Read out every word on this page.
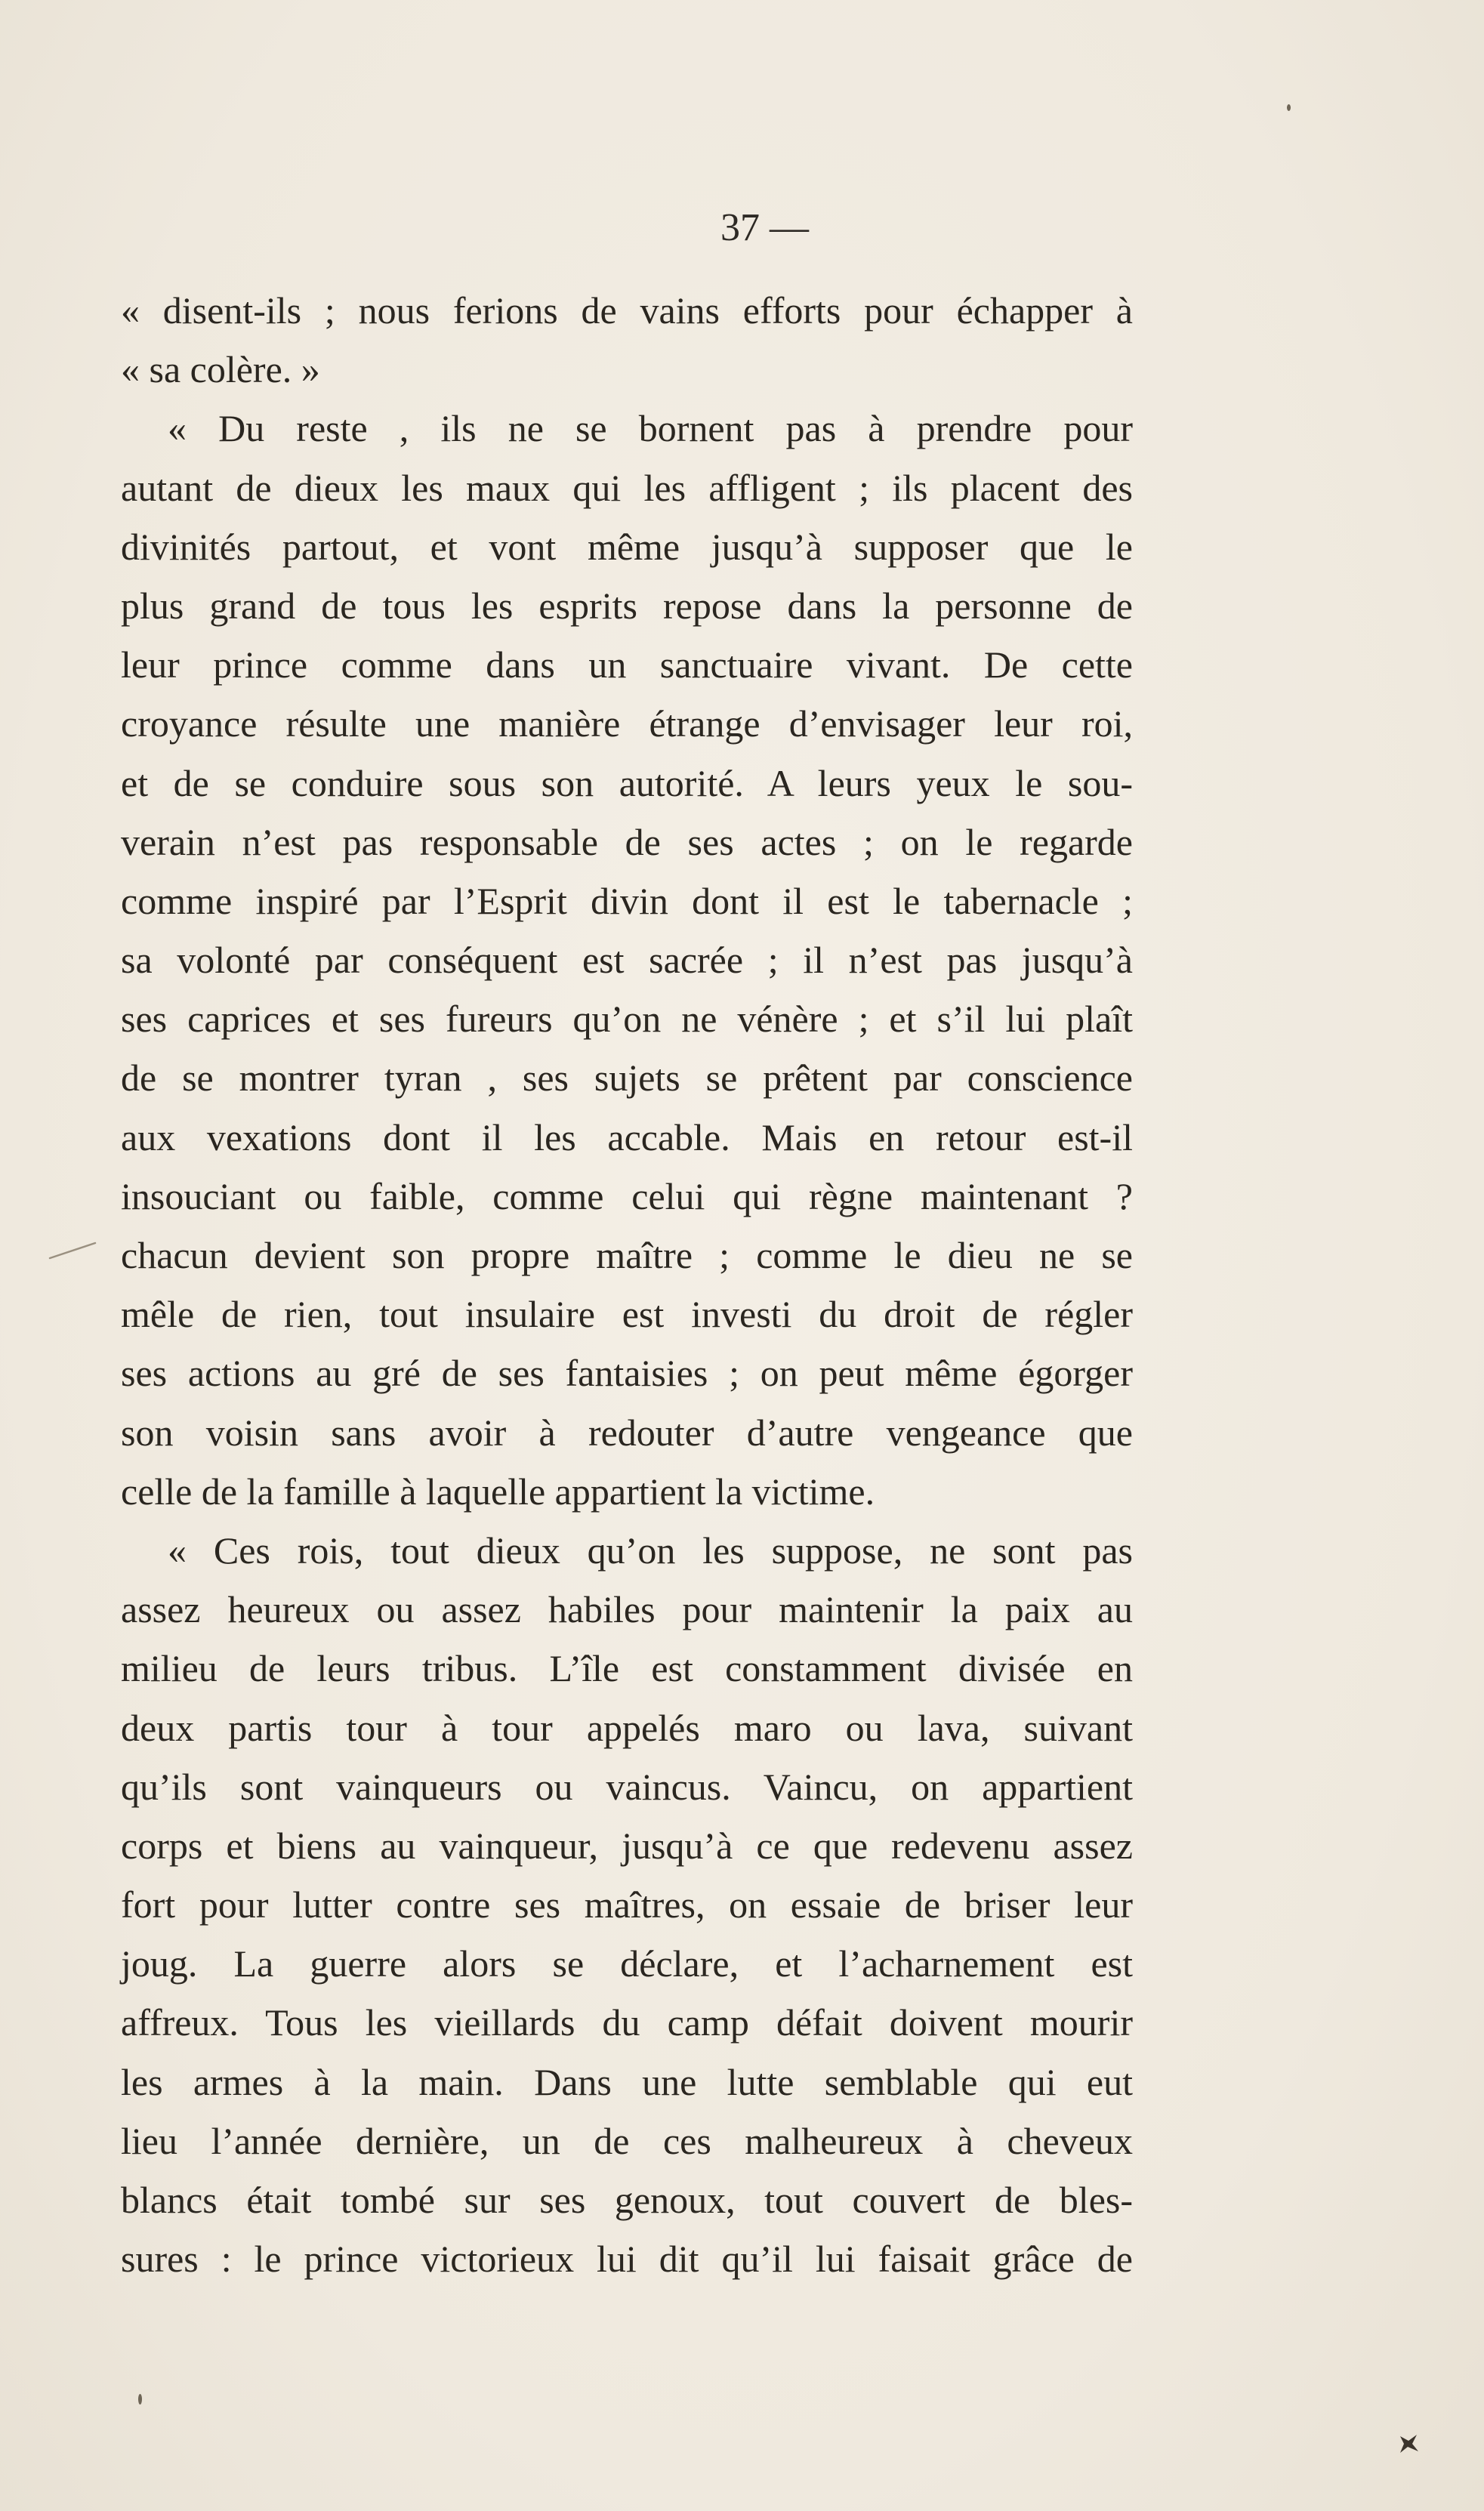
37 —
« disent-ils ; nous ferions de vains efforts pour échapper à
« sa colère. »
« Du reste , ils ne se bornent pas à prendre pour
autant de dieux les maux qui les affligent ; ils placent des
divinités partout, et vont même jusqu’à supposer que le
plus grand de tous les esprits repose dans la personne de
leur prince comme dans un sanctuaire vivant. De cette
croyance résulte une manière étrange d’envisager leur roi,
et de se conduire sous son autorité. A leurs yeux le sou-
verain n’est pas responsable de ses actes ; on le regarde
comme inspiré par l’Esprit divin dont il est le tabernacle ;
sa volonté par conséquent est sacrée ; il n’est pas jusqu’à
ses caprices et ses fureurs qu’on ne vénère ; et s’il lui plaît
de se montrer tyran , ses sujets se prêtent par conscience
aux vexations dont il les accable. Mais en retour est-il
insouciant ou faible, comme celui qui règne maintenant ?
chacun devient son propre maître ; comme le dieu ne se
mêle de rien, tout insulaire est investi du droit de régler
ses actions au gré de ses fantaisies ; on peut même égorger
son voisin sans avoir à redouter d’autre vengeance que
celle de la famille à laquelle appartient la victime.
« Ces rois, tout dieux qu’on les suppose, ne sont pas
assez heureux ou assez habiles pour maintenir la paix au
milieu de leurs tribus. L’île est constamment divisée en
deux partis tour à tour appelés maro ou lava, suivant
qu’ils sont vainqueurs ou vaincus. Vaincu, on appartient
corps et biens au vainqueur, jusqu’à ce que redevenu assez
fort pour lutter contre ses maîtres, on essaie de briser leur
joug. La guerre alors se déclare, et l’acharnement est
affreux. Tous les vieillards du camp défait doivent mourir
les armes à la main. Dans une lutte semblable qui eut
lieu l’année dernière, un de ces malheureux à cheveux
blancs était tombé sur ses genoux, tout couvert de bles-
sures : le prince victorieux lui dit qu’il lui faisait grâce de
